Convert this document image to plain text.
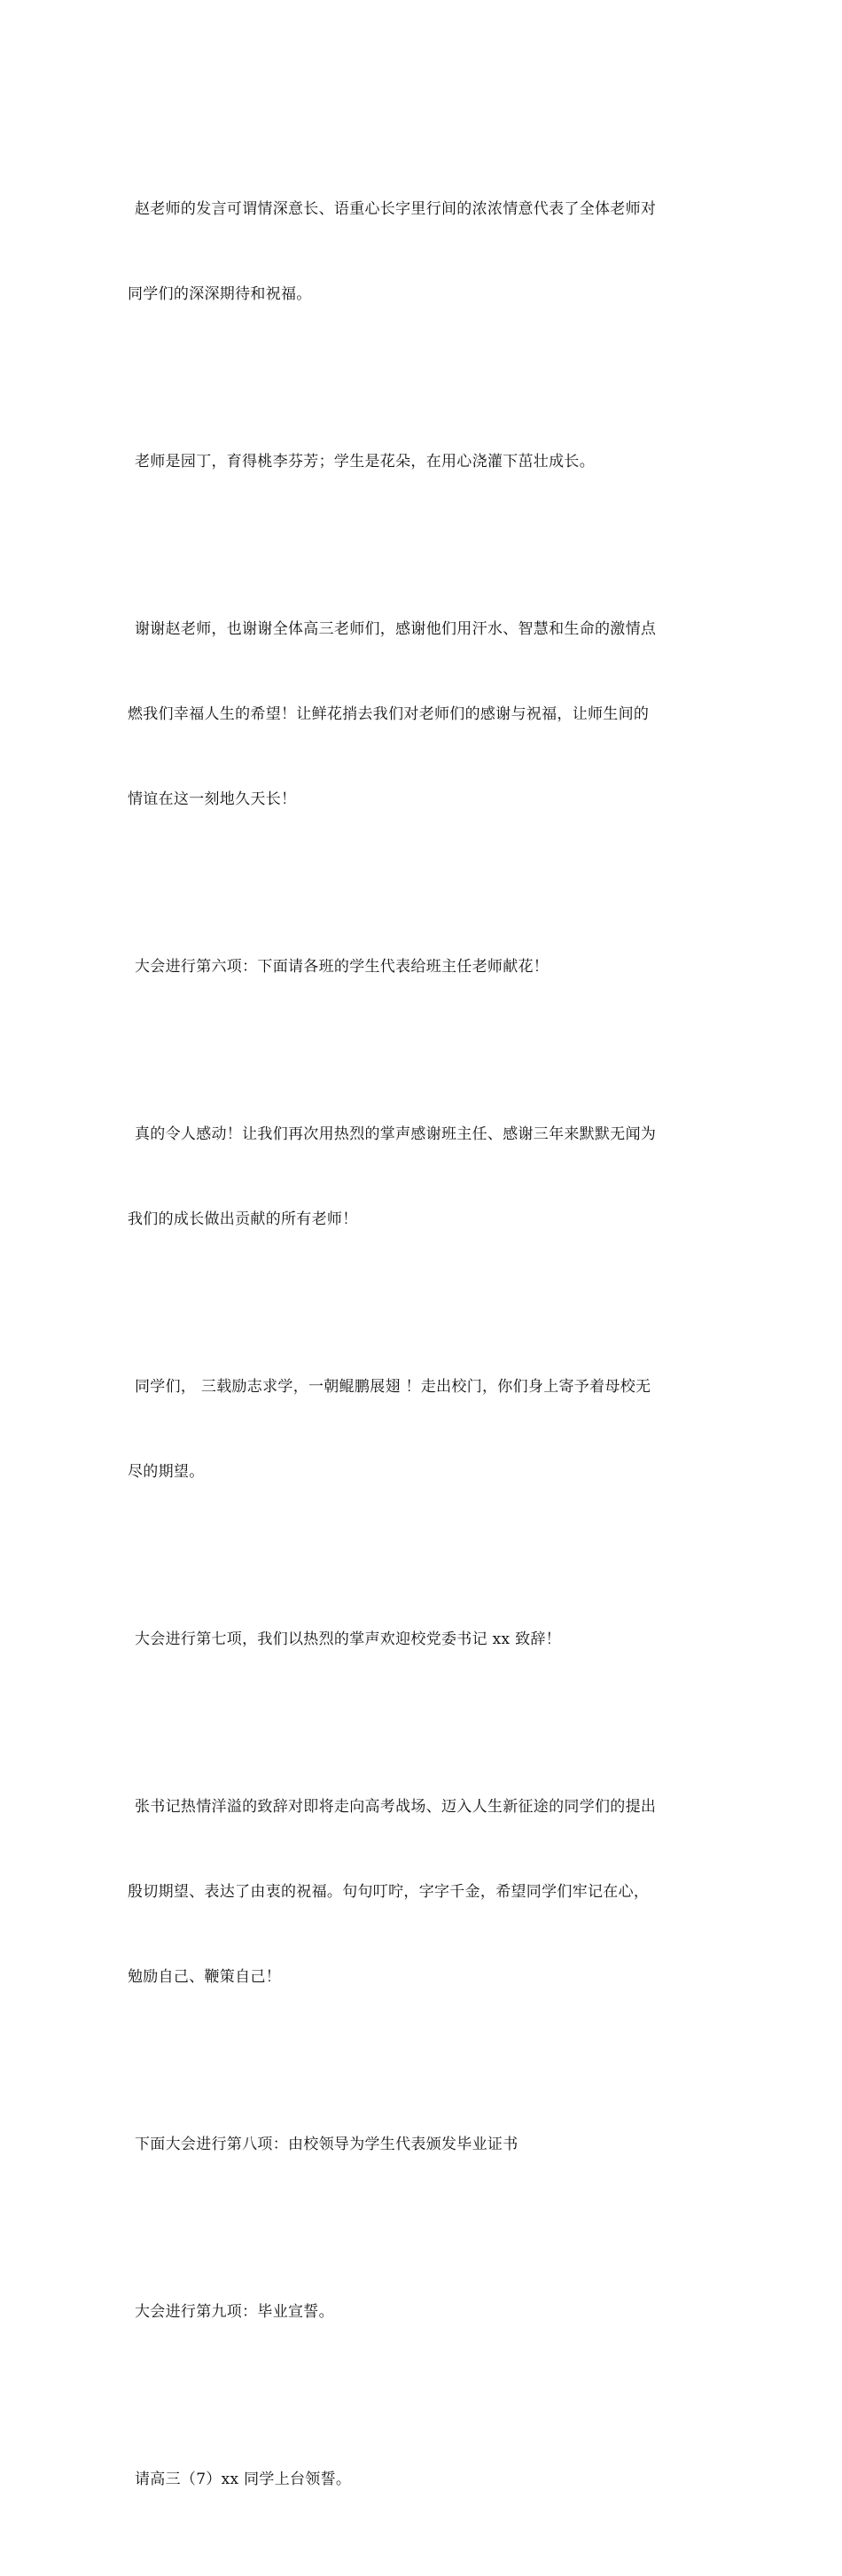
赵老师的发言可谓情深意长、语重心长字里行间的浓浓情意代表了全体老师对

同学们的深深期待和祝福。

老师是园丁，育得桃李芬芳；学生是花朵，在用心浇灌下茁壮成长。

谢谢赵老师，也谢谢全体高三老师们，感谢他们用汗水、智慧和生命的激情点

燃我们幸福人生的希望！让鲜花捎去我们对老师们的感谢与祝福，让师生间的

情谊在这一刻地久天长！

大会进行第六项：下面请各班的学生代表给班主任老师献花！

真的令人感动！让我们再次用热烈的掌声感谢班主任、感谢三年来默默无闻为

我们的成长做出贡献的所有老师！

同学们， 三载励志求学，一朝鲲鹏展翅 ！走出校门，你们身上寄予着母校无

尽的期望。

大会进行第七项，我们以热烈的掌声欢迎校党委书记 xx 致辞！

张书记热情洋溢的致辞对即将走向高考战场、迈入人生新征途的同学们的提出

殷切期望、表达了由衷的祝福。句句叮咛，字字千金，希望同学们牢记在心，

勉励自己、鞭策自己！

下面大会进行第八项：由校领导为学生代表颁发毕业证书

大会进行第九项：毕业宣誓。

请高三（7）xx 同学上台领誓。
